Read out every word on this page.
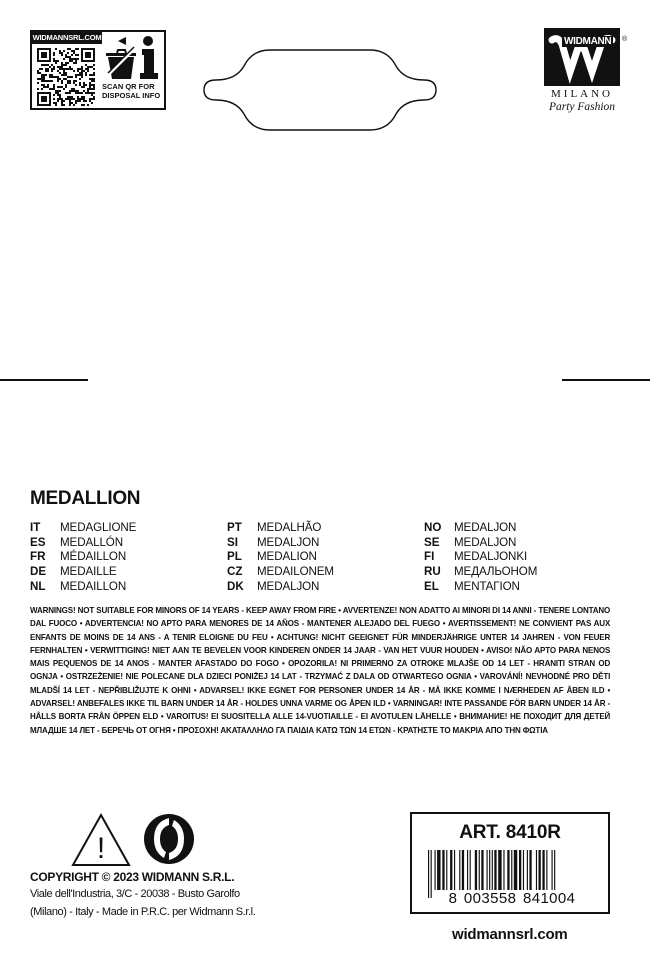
WIDMANNSRL.COM
SCAN QR FOR DISPOSAL INFO
WIDMANN ®
MILANO
Party Fashion
MEDALLION
IT	MEDAGLIONE
ES	MEDALLÓN
FR	MÉDAILLON
DE	MEDAILLE
NL	MEDAILLON
PT	MEDALHÃO
SI	MEDALJON
PL	MEDALION
CZ	MEDAILONEM
DK	MEDALJON
NO	MEDALJON
SE	MEDALJON
FI	MEDALJONKI
RU	МЕДАЛЬОНОМ
EL	ΜΕΝΤΑΓΙΟΝ
WARNINGS! NOT SUITABLE FOR MINORS OF 14 YEARS - KEEP AWAY FROM FIRE • AVVERTENZE! NON ADATTO AI MINORI DI 14 ANNI - TENERE LONTANO DAL FUOCO • ADVERTENCIA! NO APTO PARA MENORES DE 14 AÑOS - MANTENER ALEJADO DEL FUEGO • AVERTISSEMENT! NE CONVIENT PAS AUX ENFANTS DE MOINS DE 14 ANS - A TENIR ELOIGNE DU FEU • ACHTUNG! NICHT GEEIGNET FÜR MINDERJÄHRIGE UNTER 14 JAHREN - VON FEUER FERNHALTEN • VERWITTIGING! NIET AAN TE BEVELEN VOOR KINDEREN ONDER 14 JAAR - VAN HET VUUR HOUDEN • AVISO! NÃO APTO PARA NENOS MAIS PEQUENOS DE 14 ANOS - MANTER AFASTADO DO FOGO • OPOZORILA! NI PRIMERNO ZA OTROKE MLAJŠE OD 14 LET - HRANITI STRAN OD OGNJA • OSTRZEŻENIE! NIE POLECANE DLA DZIECI PONIŻEJ 14 LAT - TRZYMAĆ Z DALA OD OTWARTEGO OGNIA • VAROVÁNÍ! NEVHODNÉ PRO DĚTI MLADŠÍ 14 LET - NEPŘIBLIŽUJTE K OHNI • ADVARSEL! IKKE EGNET FOR PERSONER UNDER 14 ÅR - MÅ IKKE KOMME I NÆRHEDEN AF ÅBEN ILD • ADVARSEL! ANBEFALES IKKE TIL BARN UNDER 14 ÅR - HOLDES UNNA VARME OG ÅPEN ILD • VARNINGAR! INTE PASSANDE FÖR BARN UNDER 14 ÅR - HÅLLS BORTA FRÅN ÖPPEN ELD • VAROITUS! EI SUOSITELLA ALLE 14-VUOTIAILLE - EI AVOTULEN LÄHELLE • ВНИМАНИЕ! НЕ ПОХОДИТ ДЛЯ ДЕТЕЙ МЛАДШЕ 14 ЛЕТ - БЕРЕЧЬ ОТ ОГНЯ • ΠΡΟΣΟΧΗ! ΑΚΑΤΑΛΛΗΛΟ ΓΑ ΠΑΙΔΙΑ ΚΑΤΩ ΤΩΝ 14 ΕΤΩΝ - ΚΡΑΤΗΣΤΕ ΤΟ ΜΑΚΡΙΑ ΑΠΟ ΤΗΝ ΦΩΤΙΑ
!
COPYRIGHT © 2023 WIDMANN S.R.L.
Viale dell'Industria, 3/C - 20038 - Busto Garolfo
(Milano) - Italy - Made in P.R.C. per Widmann S.r.l.
ART. 8410R
8 003558 841004
widmannsrl.com
